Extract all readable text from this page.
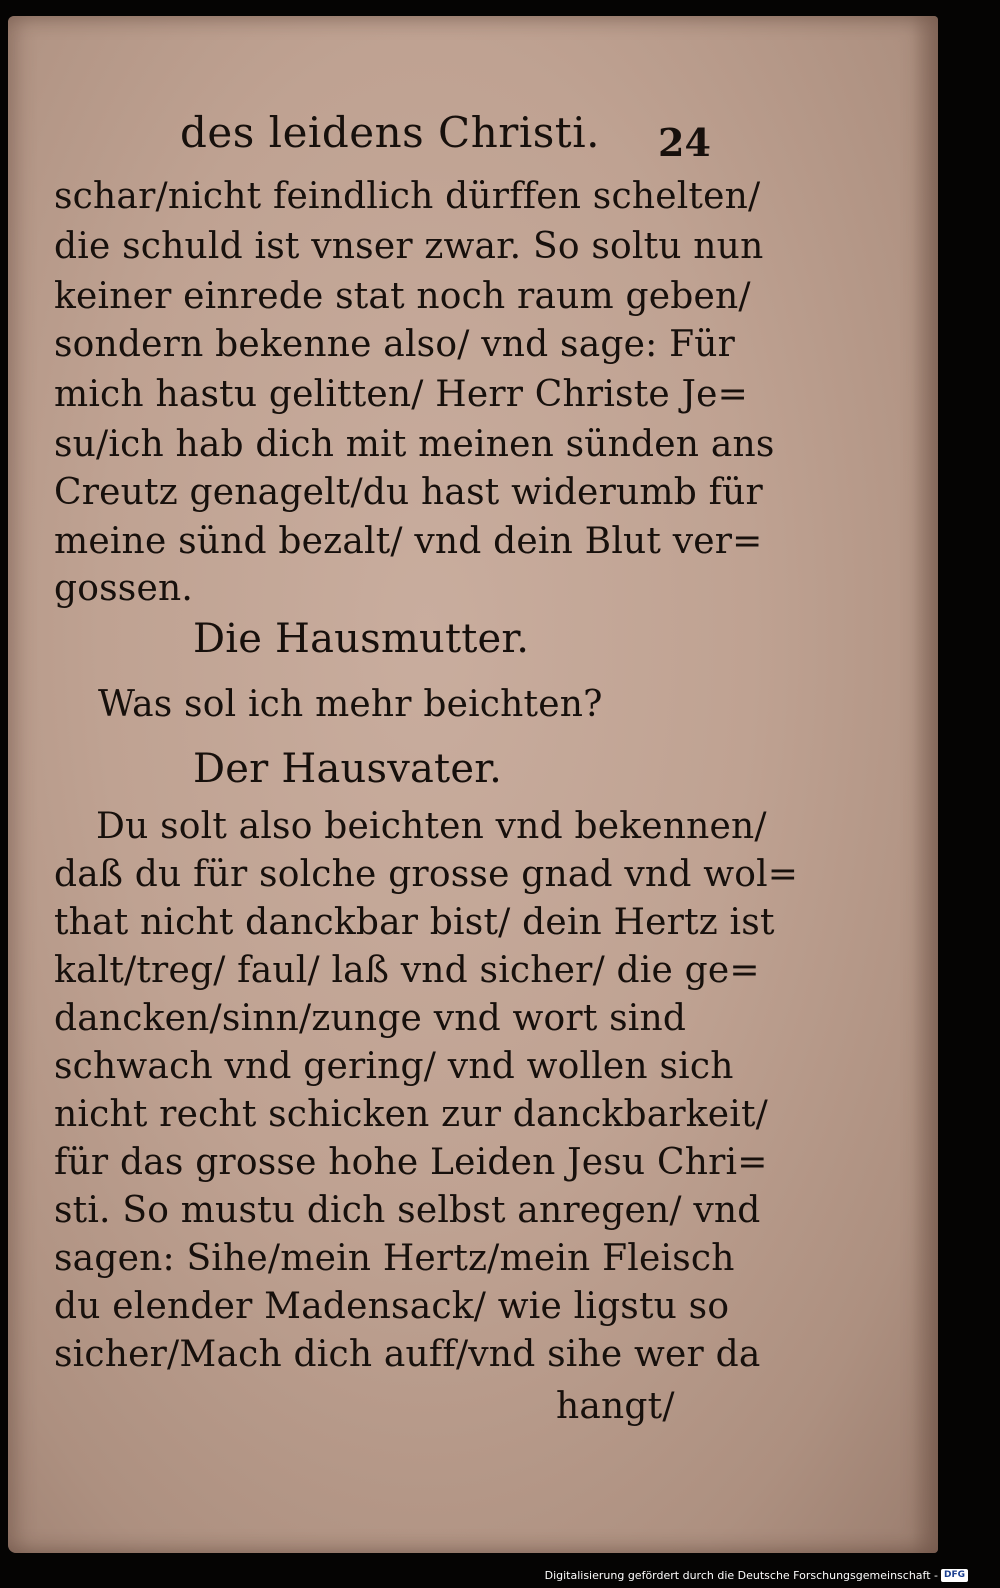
des leidens Christi. 24
schar/nicht feindlich dürffen schelten/
die schuld ist vnser zwar. So soltu nun
keiner einrede stat noch raum geben/
sondern bekenne also/ vnd sage: Für
mich hastu gelitten/ Herr Christe Je=
su/ich hab dich mit meinen sünden ans
Creutz genagelt/du hast widerumb für
meine sünd bezalt/ vnd dein Blut ver=
gossen.
Die Hausmutter.
Was sol ich mehr beichten?
Der Hausvater.
Du solt also beichten vnd bekennen/
daß du für solche grosse gnad vnd wol=
that nicht danckbar bist/ dein Hertz ist
kalt/treg/ faul/ laß vnd sicher/ die ge=
dancken/sinn/zunge vnd wort sind
schwach vnd gering/ vnd wollen sich
nicht recht schicken zur danckbarkeit/
für das grosse hohe Leiden Jesu Chri=
sti. So mustu dich selbst anregen/ vnd
sagen: Sihe/mein Hertz/mein Fleisch
du elender Madensack/ wie ligstu so
sicher/Mach dich auff/vnd sihe wer da
hangt/
Digitalisierung gefördert durch die Deutsche Forschungsgemeinschaft - DFG
